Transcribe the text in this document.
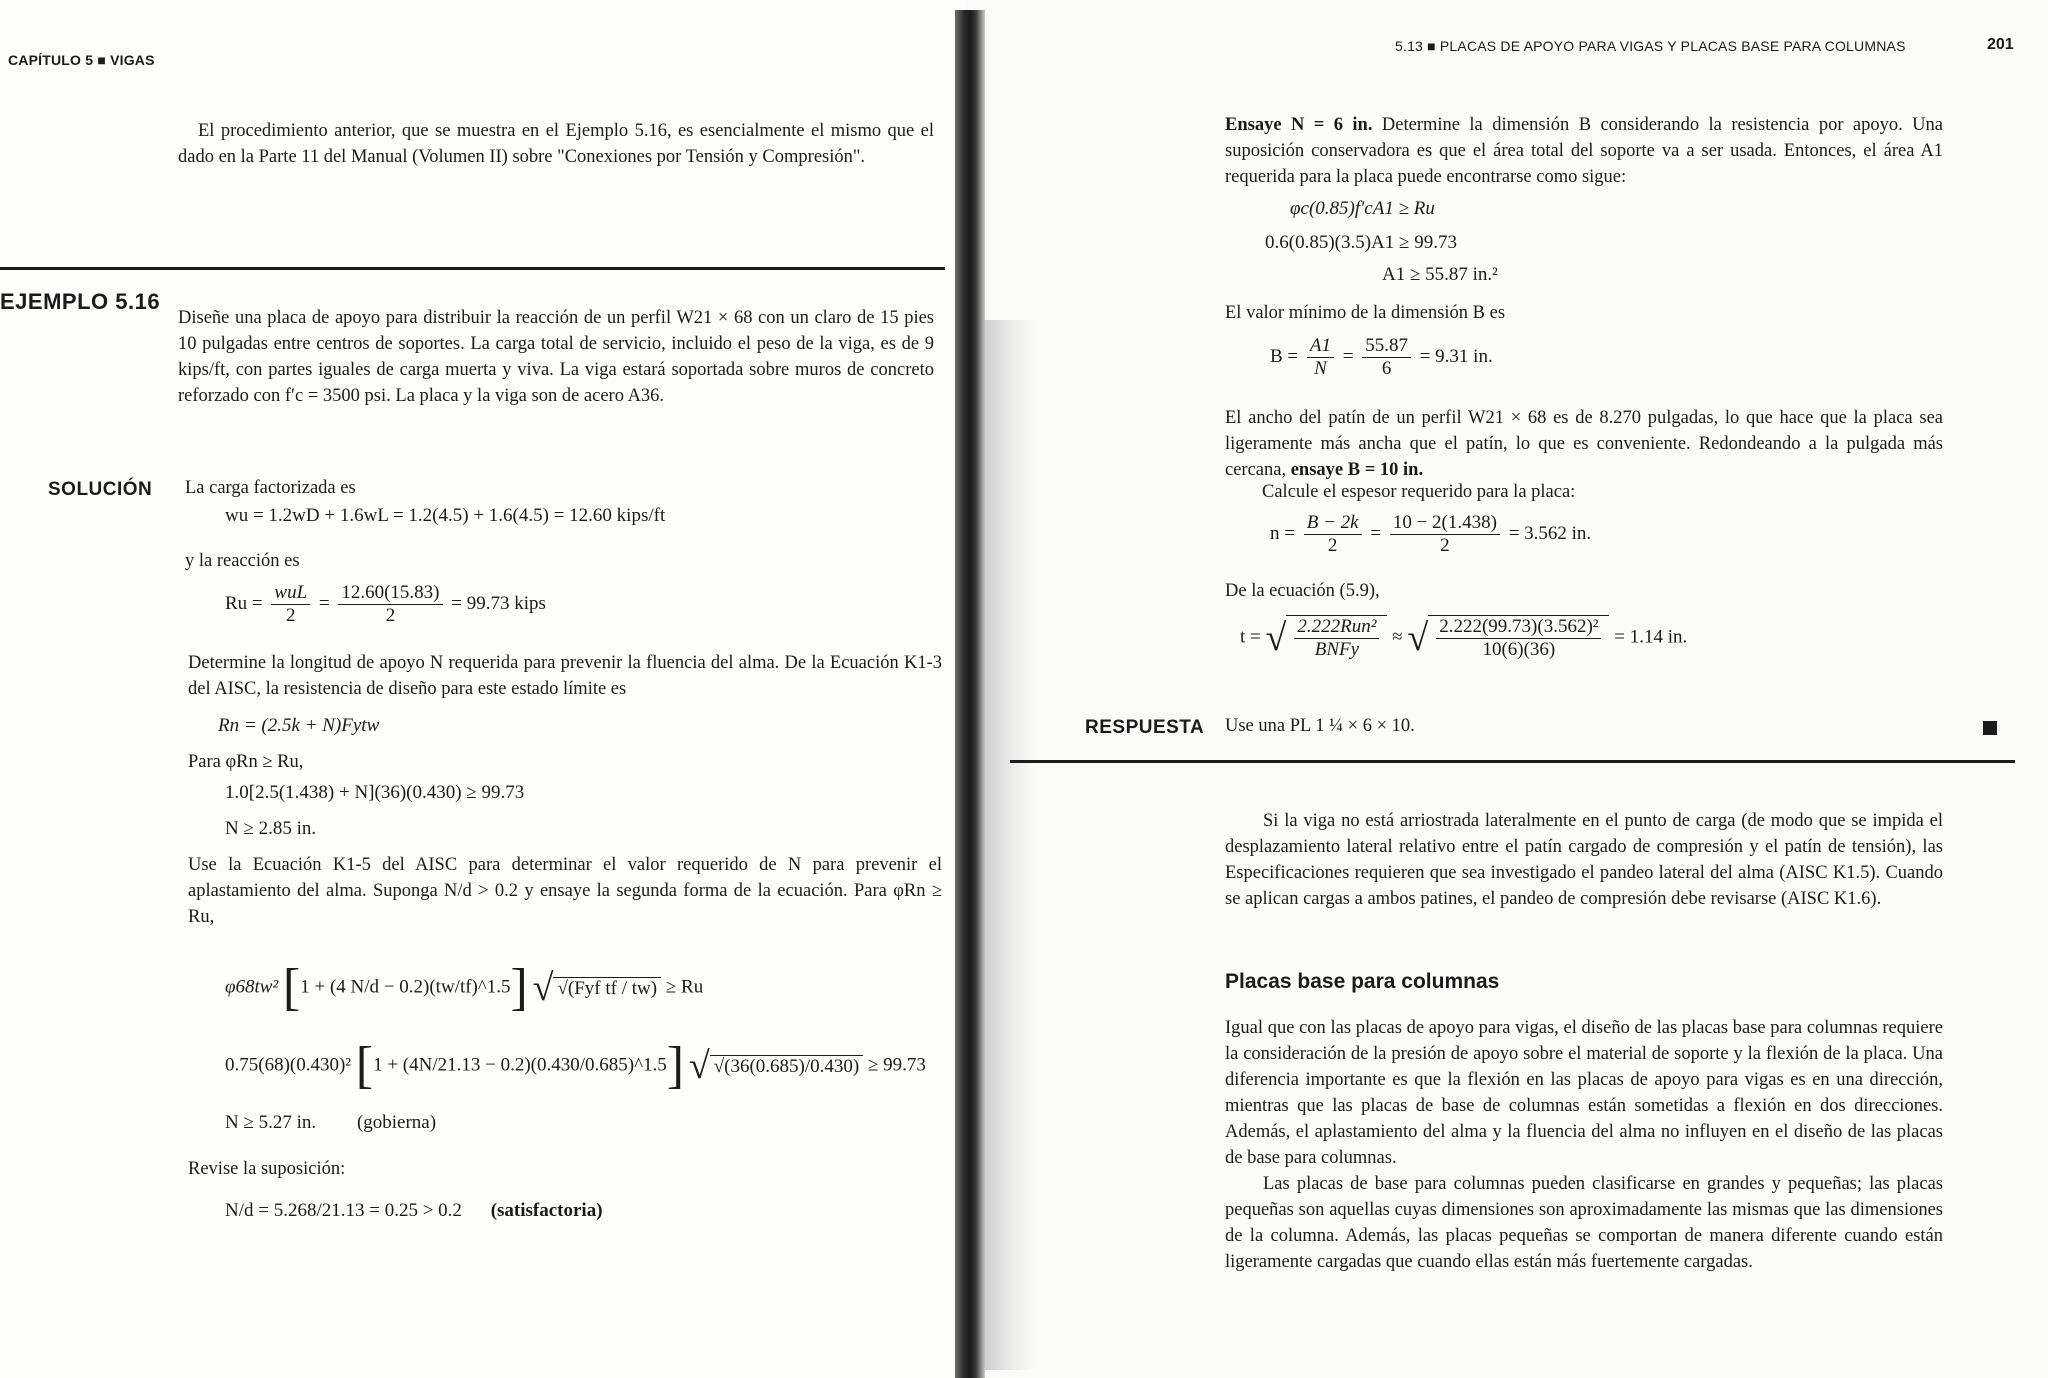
CAPÍTULO 5 ■ VIGAS
El procedimiento anterior, que se muestra en el Ejemplo 5.16, es esencialmente el mismo que el dado en la Parte 11 del Manual (Volumen II) sobre "Conexiones por Tensión y Compresión".
EJEMPLO 5.16
Diseñe una placa de apoyo para distribuir la reacción de un perfil W21 × 68 con un claro de 15 pies 10 pulgadas entre centros de soportes. La carga total de servicio, incluido el peso de la viga, es de 9 kips/ft, con partes iguales de carga muerta y viva. La viga estará soportada sobre muros de concreto reforzado con f′c = 3500 psi. La placa y la viga son de acero A36.
SOLUCIÓN La carga factorizada es
wu = 1.2wD + 1.6wL = 1.2(4.5) + 1.6(4.5) = 12.60 kips/ft
y la reacción es
$Ru = \frac{\text{wuL}}{2} = \frac{12.60(15.83)}{2} = 99.73$ kips
Determine la longitud de apoyo N requerida para prevenir la fluencia del alma. De la Ecuación K1-3 del AISC, la resistencia de diseño para este estado límite es
Rn = (2.5k + N)Fytw
Para φRn ≥ Ru,
1.0[2.5(1.438) + N](36)(0.430) ≥ 99.73
N ≥ 2.85 in.
Use la Ecuación K1-5 del AISC para determinar el valor requerido de N para prevenir el aplastamiento del alma. Suponga N/d > 0.2 y ensaye la segunda forma de la ecuación. Para φRn ≥ Ru,
φ68tw² [1 + (4 N/d − 0.2)(tw/tf)^1.5] √ √(Fyf tf / tw) ≥ Ru
0.75(68)(0.430)² [1 + (4N/21.13 − 0.2)(0.430/0.685)^1.5] √ √(36(0.685)/0.430) ≥ 99.73
N ≥ 5.27 in. (gobierna)
Revise la suposición:
N/d = 5.268/21.13 = 0.25 > 0.2 (satisfactoria)
5.13 ■ PLACAS DE APOYO PARA VIGAS Y PLACAS BASE PARA COLUMNAS	201
Ensaye N = 6 in. Determine la dimensión B considerando la resistencia por apoyo. Una suposición conservadora es que el área total del soporte va a ser usada. Entonces, el área A1 requerida para la placa puede encontrarse como sigue:
φc(0.85)f′cA1 ≥ Ru
0.6(0.85)(3.5)A1 ≥ 99.73
A1 ≥ 55.87 in.²
El valor mínimo de la dimensión B es
$B = \frac{A1}{N} = \frac{55.87}{6} = 9.31$ in.
El ancho del patín de un perfil W21 × 68 es de 8.270 pulgadas, lo que hace que la placa sea ligeramente más ancha que el patín, lo que es conveniente. Redondeando a la pulgada más cercana, ensaye B = 10 in.
Calcule el espesor requerido para la placa:
$n = \frac{B - 2k}{2} = \frac{10 - 2(1.438)}{2} = 3.562$ in.
De la ecuación (5.9),
t = √ $\frac{\text{2.222Run²}}{\text{BNFy}}$ ≈ √ $\frac{\text{2.222(99.73)(3.562)²}}{10(6)(36)} = 1.14$ in.
RESPUESTA Use una PL 1 ¼ × 6 × 10.
Si la viga no está arriostrada lateralmente en el punto de carga (de modo que se impida el desplazamiento lateral relativo entre el patín cargado de compresión y el patín de tensión), las Especificaciones requieren que sea investigado el pandeo lateral del alma (AISC K1.5). Cuando se aplican cargas a ambos patines, el pandeo de compresión debe revisarse (AISC K1.6).
Placas base para columnas
Igual que con las placas de apoyo para vigas, el diseño de las placas base para columnas requiere la consideración de la presión de apoyo sobre el material de soporte y la flexión de la placa. Una diferencia importante es que la flexión en las placas de apoyo para vigas es en una dirección, mientras que las placas de base de columnas están sometidas a flexión en dos direcciones. Además, el aplastamiento del alma y la fluencia del alma no influyen en el diseño de las placas de base para columnas.
Las placas de base para columnas pueden clasificarse en grandes y pequeñas; las placas pequeñas son aquellas cuyas dimensiones son aproximadamente las mismas que las dimensiones de la columna. Además, las placas pequeñas se comportan de manera diferente cuando están ligeramente cargadas que cuando ellas están más fuertemente cargadas.
